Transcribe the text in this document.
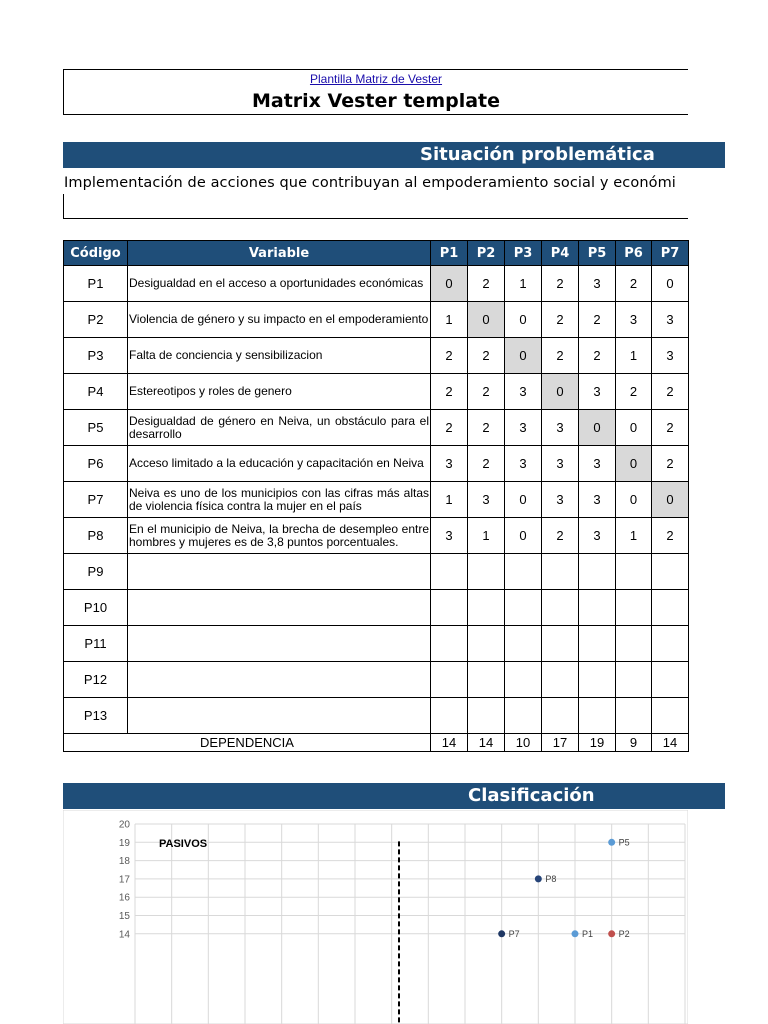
Plantilla Matriz de Vester
Matrix Vester template
Situación problemática
Implementación de acciones que contribuyan al empoderamiento social y económi
Código	Variable	P1	P2	P3	P4	P5	P6	P7
P1	Desigualdad en el acceso a oportunidades económicas	0	2	1	2	3	2	0
P2	Violencia de género y su impacto en el empoderamiento	1	0	0	2	2	3	3
P3	Falta de conciencia y sensibilizacion	2	2	0	2	2	1	3
P4	Estereotipos y roles de genero	2	2	3	0	3	2	2
P5	Desigualdad de género en Neiva, un obstáculo para el desarrollo	2	2	3	3	0	0	2
P6	Acceso limitado a la educación y capacitación en Neiva	3	2	3	3	3	0	2
P7	Neiva es uno de los municipios con las cifras más altas de violencia física contra la mujer en el país	1	3	0	3	3	0	0
P8	En el municipio de Neiva, la brecha de desempleo entre hombres y mujeres es de 3,8 puntos porcentuales.	3	1	0	2	3	1	2
P9								
P10								
P11								
P12								
P13								
DEPENDENCIA		14	14	10	17	19	9	14
Clasificación
20
19
18
17
16
15
14
PASIVOS	P5
P8
P7	P1	P2
